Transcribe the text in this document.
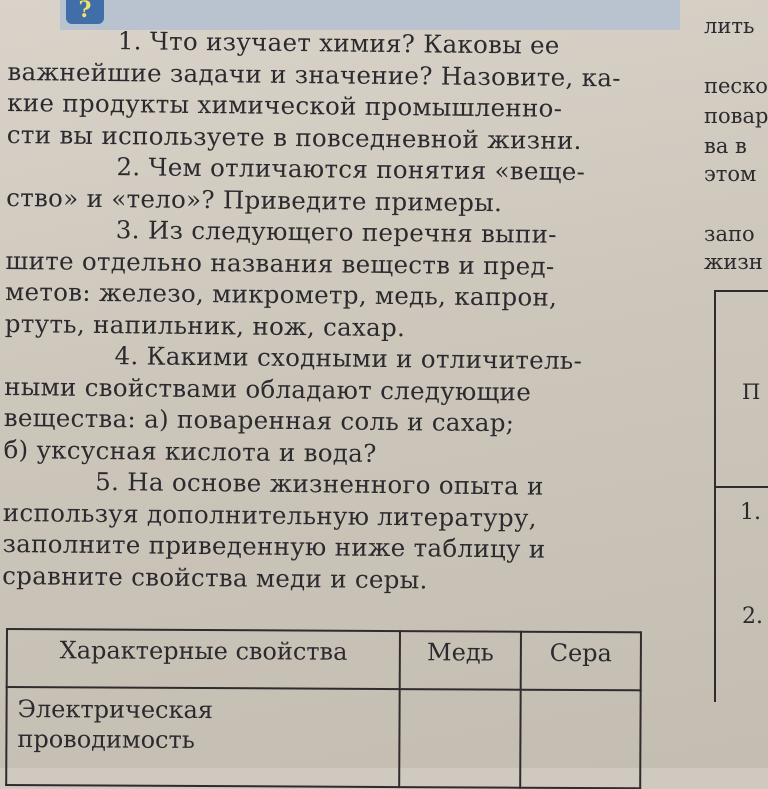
?
1. Что изучает химия? Каковы ее
важнейшие задачи и значение? Назовите, ка-
кие продукты химической промышленно-
сти вы используете в повседневной жизни.
2. Чем отличаются понятия «веще-
ство» и «тело»? Приведите примеры.
3. Из следующего перечня выпи-
шите отдельно названия веществ и пред-
метов: железо, микрометр, медь, капрон,
ртуть, напильник, нож, сахар.
4. Какими сходными и отличитель-
ными свойствами обладают следующие
вещества: а) поваренная соль и сахар;
б) уксусная кислота и вода?
5. На основе жизненного опыта и
используя дополнительную литературу,
заполните приведенную ниже таблицу и
сравните свойства меди и серы.
Характерные свойства	Медь	Сера
Электрическая проводимость		
лить
песко
повар
ва в
этом
запо
жизн
П
1.
2.
